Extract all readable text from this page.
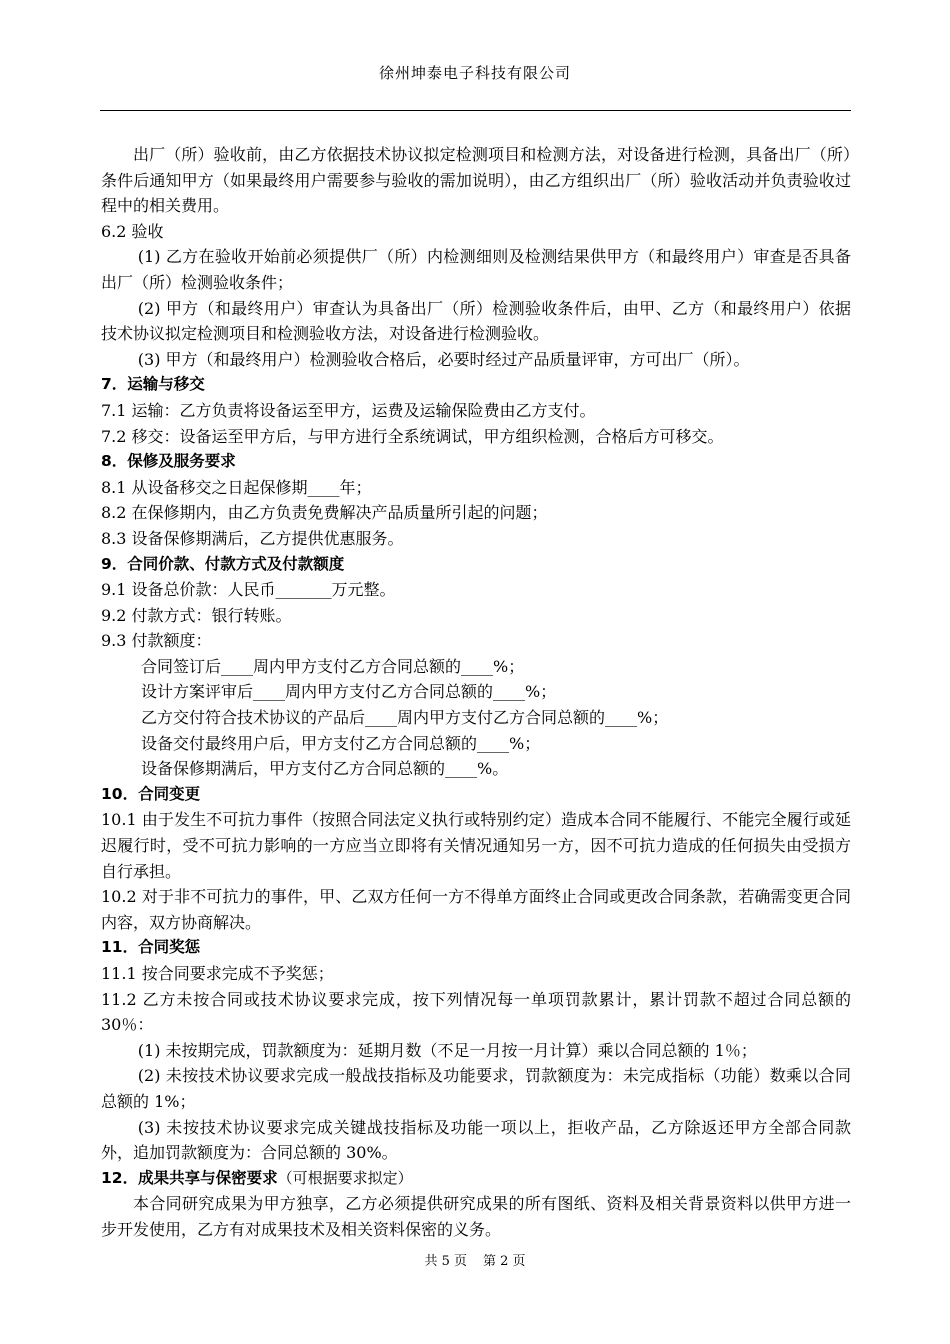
徐州坤泰电子科技有限公司

出厂（所）验收前，由乙方依据技术协议拟定检测项目和检测方法，对设备进行检测，具备出厂（所）条件后通知甲方（如果最终用户需要参与验收的需加说明），由乙方组织出厂（所）验收活动并负责验收过程中的相关费用。

6.2 验收

(1) 乙方在验收开始前必须提供厂（所）内检测细则及检测结果供甲方（和最终用户）审查是否具备出厂（所）检测验收条件；

(2) 甲方（和最终用户）审查认为具备出厂（所）检测验收条件后，由甲、乙方（和最终用户）依据技术协议拟定检测项目和检测验收方法，对设备进行检测验收。

(3) 甲方（和最终用户）检测验收合格后，必要时经过产品质量评审，方可出厂（所）。

7．运输与移交

7.1 运输：乙方负责将设备运至甲方，运费及运输保险费由乙方支付。

7.2 移交：设备运至甲方后，与甲方进行全系统调试，甲方组织检测，合格后方可移交。

8．保修及服务要求

8.1 从设备移交之日起保修期____年；

8.2 在保修期内，由乙方负责免费解决产品质量所引起的问题；

8.3 设备保修期满后，乙方提供优惠服务。

9．合同价款、付款方式及付款额度

9.1 设备总价款：人民币_______万元整。

9.2 付款方式：银行转账。

9.3 付款额度：

合同签订后____周内甲方支付乙方合同总额的____%；

设计方案评审后____周内甲方支付乙方合同总额的____%；

乙方交付符合技术协议的产品后____周内甲方支付乙方合同总额的____%；

设备交付最终用户后，甲方支付乙方合同总额的____%；

设备保修期满后，甲方支付乙方合同总额的____%。

10．合同变更

10.1 由于发生不可抗力事件（按照合同法定义执行或特别约定）造成本合同不能履行、不能完全履行或延迟履行时，受不可抗力影响的一方应当立即将有关情况通知另一方，因不可抗力造成的任何损失由受损方自行承担。

10.2 对于非不可抗力的事件，甲、乙双方任何一方不得单方面终止合同或更改合同条款，若确需变更合同内容，双方协商解决。

11．合同奖惩

11.1 按合同要求完成不予奖惩；

11.2 乙方未按合同或技术协议要求完成，按下列情况每一单项罚款累计，累计罚款不超过合同总额的 30％：

(1) 未按期完成，罚款额度为：延期月数（不足一月按一月计算）乘以合同总额的 1％；

(2) 未按技术协议要求完成一般战技指标及功能要求，罚款额度为：未完成指标（功能）数乘以合同总额的 1%；

(3) 未按技术协议要求完成关键战技指标及功能一项以上，拒收产品，乙方除返还甲方全部合同款外，追加罚款额度为：合同总额的 30%。

12．成果共享与保密要求（可根据要求拟定）

本合同研究成果为甲方独享，乙方必须提供研究成果的所有图纸、资料及相关背景资料以供甲方进一步开发使用，乙方有对成果技术及相关资料保密的义务。

共 5 页 第 2 页
